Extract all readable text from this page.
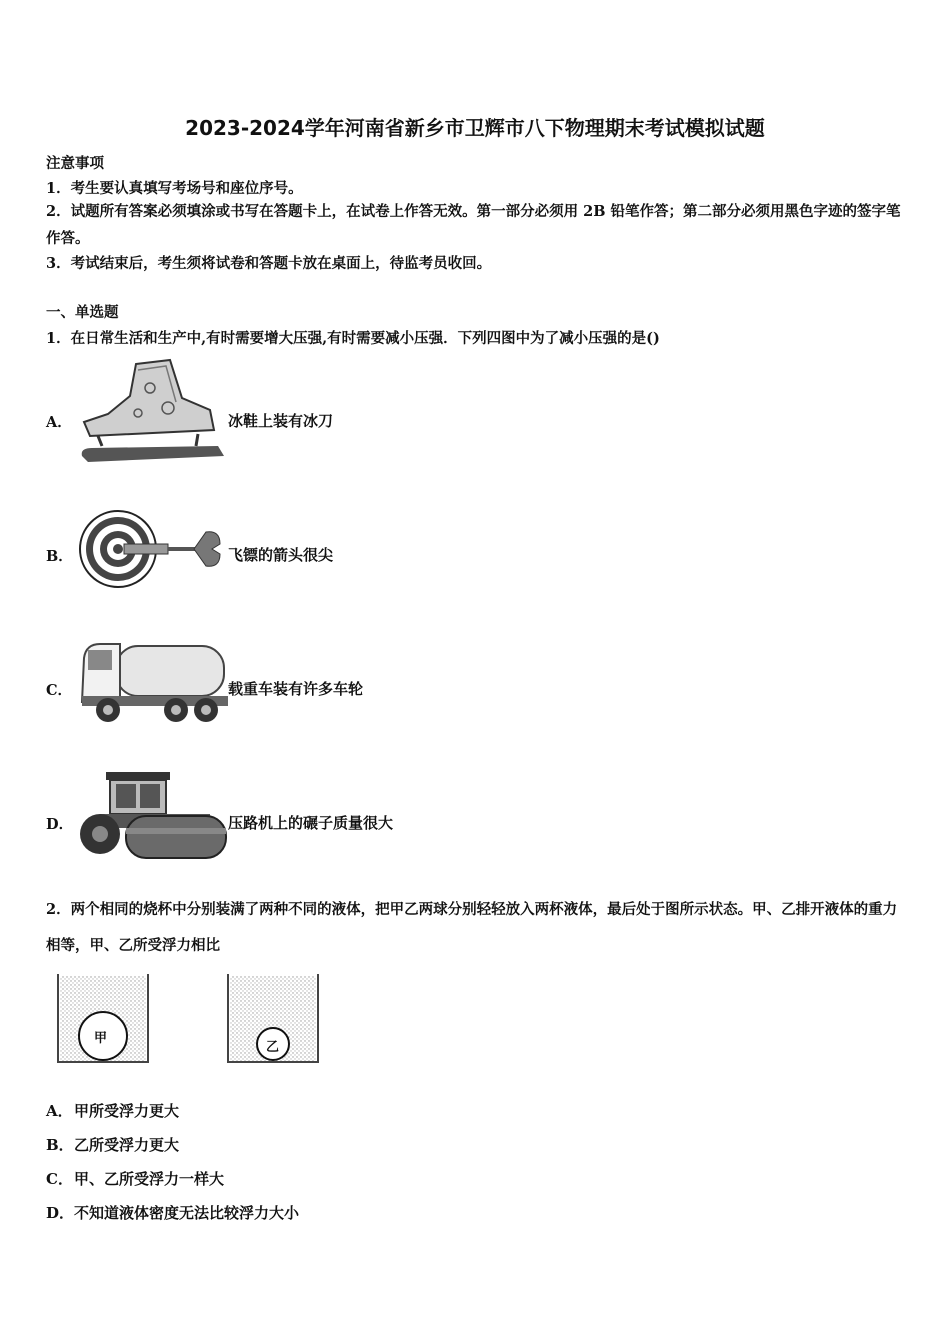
2023-2024学年河南省新乡市卫辉市八下物理期末考试模拟试题
注意事项
1．考生要认真填写考场号和座位序号。
2．试题所有答案必须填涂或书写在答题卡上，在试卷上作答无效。第一部分必须用 2B 铅笔作答；第二部分必须用黑色字迹的签字笔作答。
3．考试结束后，考生须将试卷和答题卡放在桌面上，待监考员收回。
一、单选题
1．在日常生活和生产中,有时需要增大压强,有时需要减小压强．下列四图中为了减小压强的是()
A．	冰鞋上装有冰刀
B．	飞镖的箭头很尖
C．	载重车装有许多车轮
D．	压路机上的碾子质量很大
2．两个相同的烧杯中分别装满了两种不同的液体，把甲乙两球分别轻轻放入两杯液体，最后处于图所示状态。甲、乙排开液体的重力相等，甲、乙所受浮力相比
甲
乙
A．甲所受浮力更大
B．乙所受浮力更大
C．甲、乙所受浮力一样大
D．不知道液体密度无法比较浮力大小
